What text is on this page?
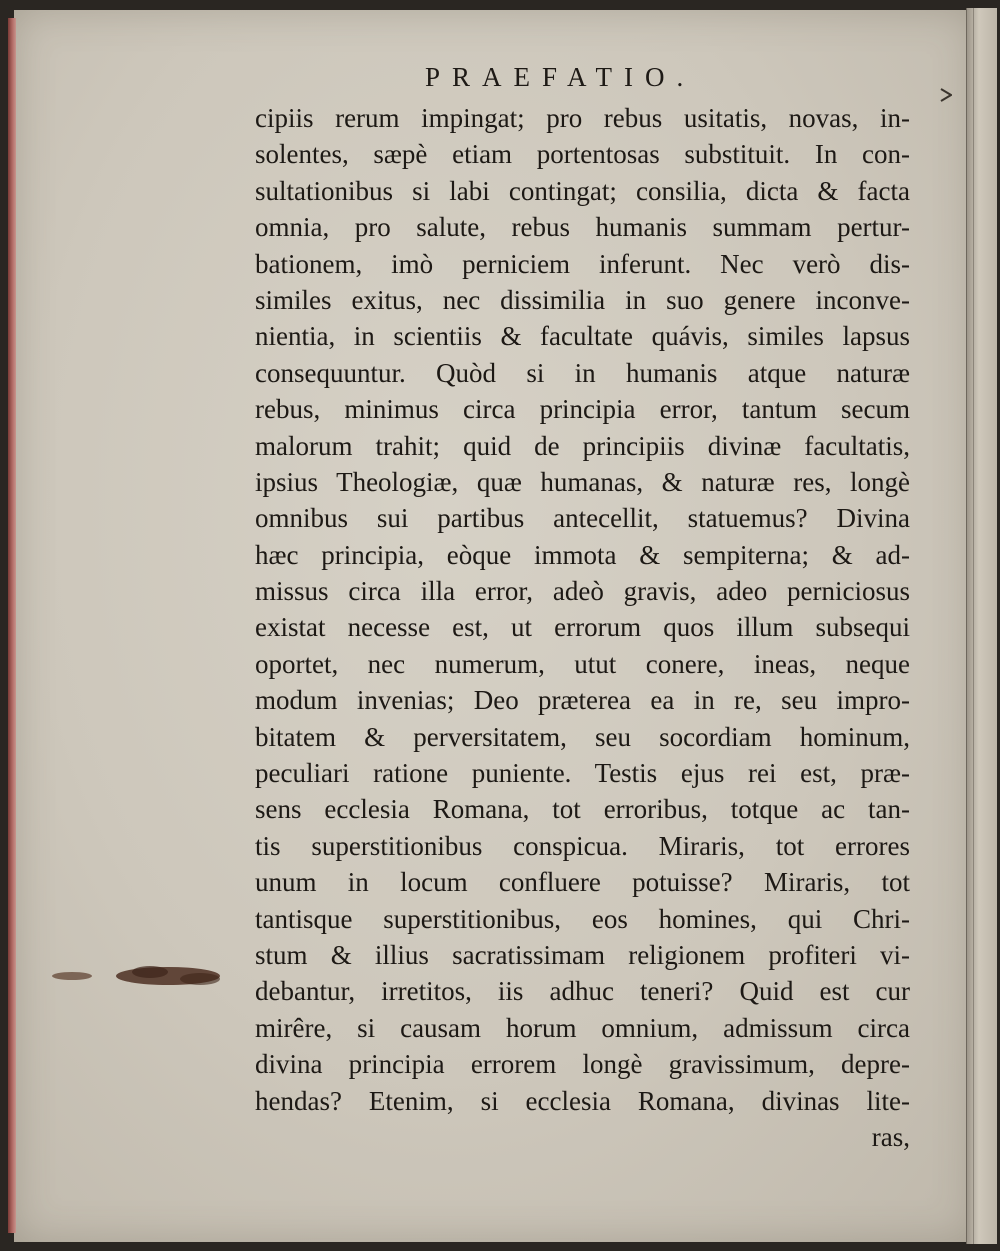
PRAEFATIO.
cipiis rerum impingat; pro rebus usitatis, novas, in-
solentes, sæpè etiam portentosas substituit. In con-
sultationibus si labi contingat; consilia, dicta & facta
omnia, pro salute, rebus humanis summam pertur-
bationem, imò perniciem inferunt. Nec verò dis-
similes exitus, nec dissimilia in suo genere inconve-
nientia, in scientiis & facultate quávis, similes lapsus
consequuntur. Quòd si in humanis atque naturæ
rebus, minimus circa principia error, tantum secum
malorum trahit; quid de principiis divinæ facultatis,
ipsius Theologiæ, quæ humanas, & naturæ res, longè
omnibus sui partibus antecellit, statuemus? Divina
hæc principia, eòque immota & sempiterna; & ad-
missus circa illa error, adeò gravis, adeo perniciosus
existat necesse est, ut errorum quos illum subsequi
oportet, nec numerum, utut conere, ineas, neque
modum invenias; Deo præterea ea in re, seu impro-
bitatem & perversitatem, seu socordiam hominum,
peculiari ratione puniente. Testis ejus rei est, præ-
sens ecclesia Romana, tot erroribus, totque ac tan-
tis superstitionibus conspicua. Miraris, tot errores
unum in locum confluere potuisse? Miraris, tot
tantisque superstitionibus, eos homines, qui Chri-
stum & illius sacratissimam religionem profiteri vi-
debantur, irretitos, iis adhuc teneri? Quid est cur
mirêre, si causam horum omnium, admissum circa
divina principia errorem longè gravissimum, depre-
hendas? Etenim, si ecclesia Romana, divinas lite-
ras,
